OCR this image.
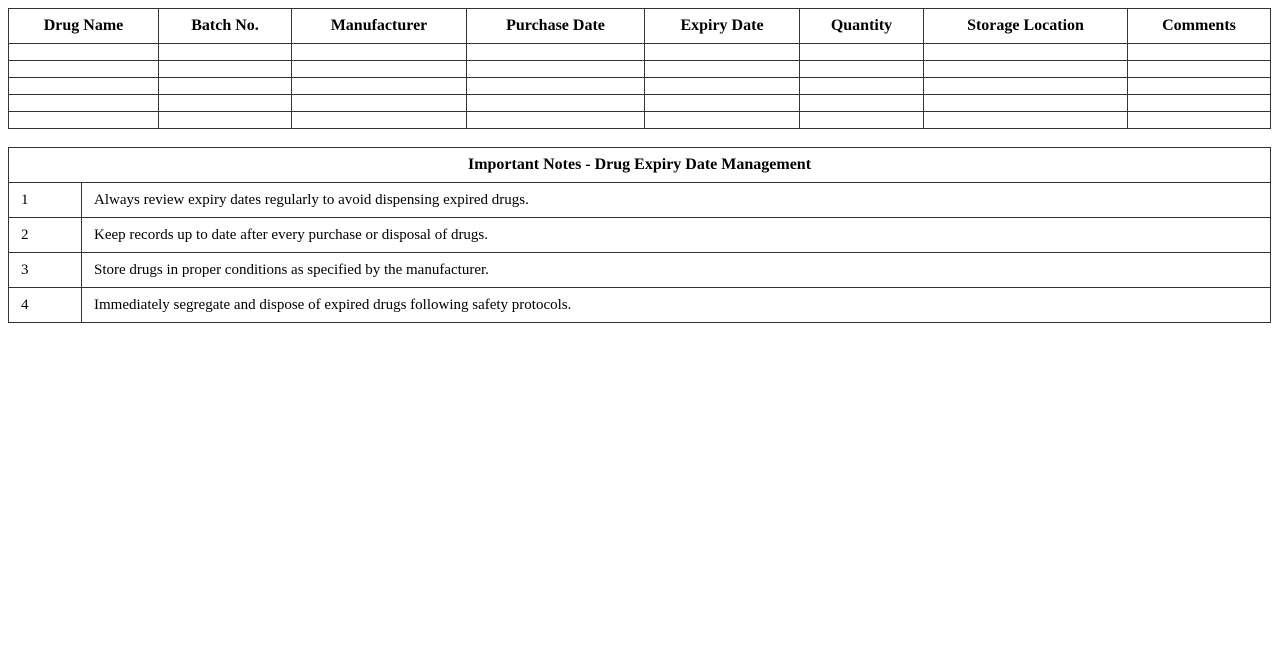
Drug Name	Batch No.	Manufacturer	Purchase Date	Expiry Date	Quantity	Storage Location	Comments

Important Notes - Drug Expiry Date Management	
1	Always review expiry dates regularly to avoid dispensing expired drugs.
2	Keep records up to date after every purchase or disposal of drugs.
3	Store drugs in proper conditions as specified by the manufacturer.
4	Immediately segregate and dispose of expired drugs following safety protocols.
